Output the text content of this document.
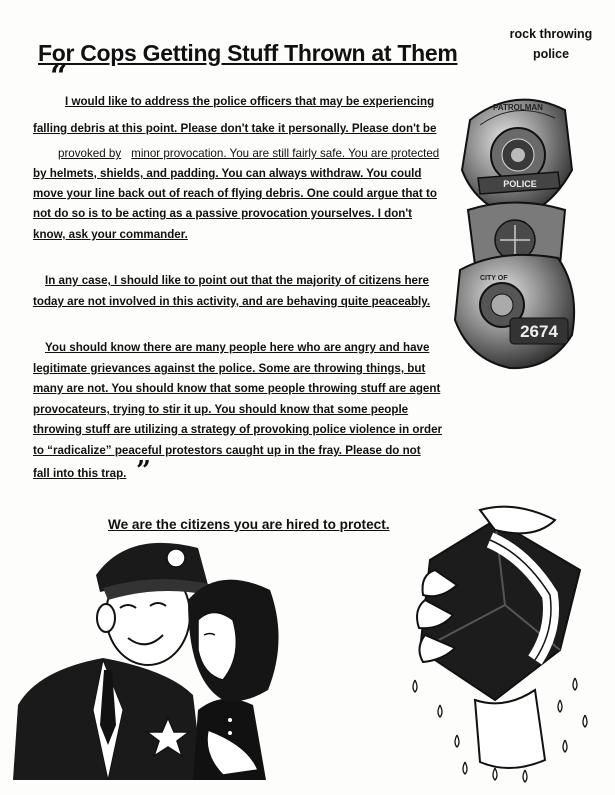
For Cops Getting Stuff Thrown at Them
rock throwing
police
“
I would like to address the police officers that may be experiencing
falling debris at this point. Please don't take it personally. Please don't be
provoked by minor provocation. You are still fairly safe. You are protected
by helmets, shields, and padding. You can always withdraw. You could
move your line back out of reach of flying debris. One could argue that to
not do so is to be acting as a passive provocation yourselves. I don't
know, ask your commander.
In any case, I should like to point out that the majority of citizens here
today are not involved in this activity, and are behaving quite peaceably.
You should know there are many people here who are angry and have
legitimate grievances against the police. Some are throwing things, but
many are not. You should know that some people throwing stuff are agent
provocateurs, trying to stir it up. You should know that some people
throwing stuff are utilizing a strategy of provoking police violence in order
to “radicalize” peaceful protestors caught up in the fray. Please do not
fall into this trap. ”
We are the citizens you are hired to protect.
POLICE
PATROLMAN
CITY OF
2674
